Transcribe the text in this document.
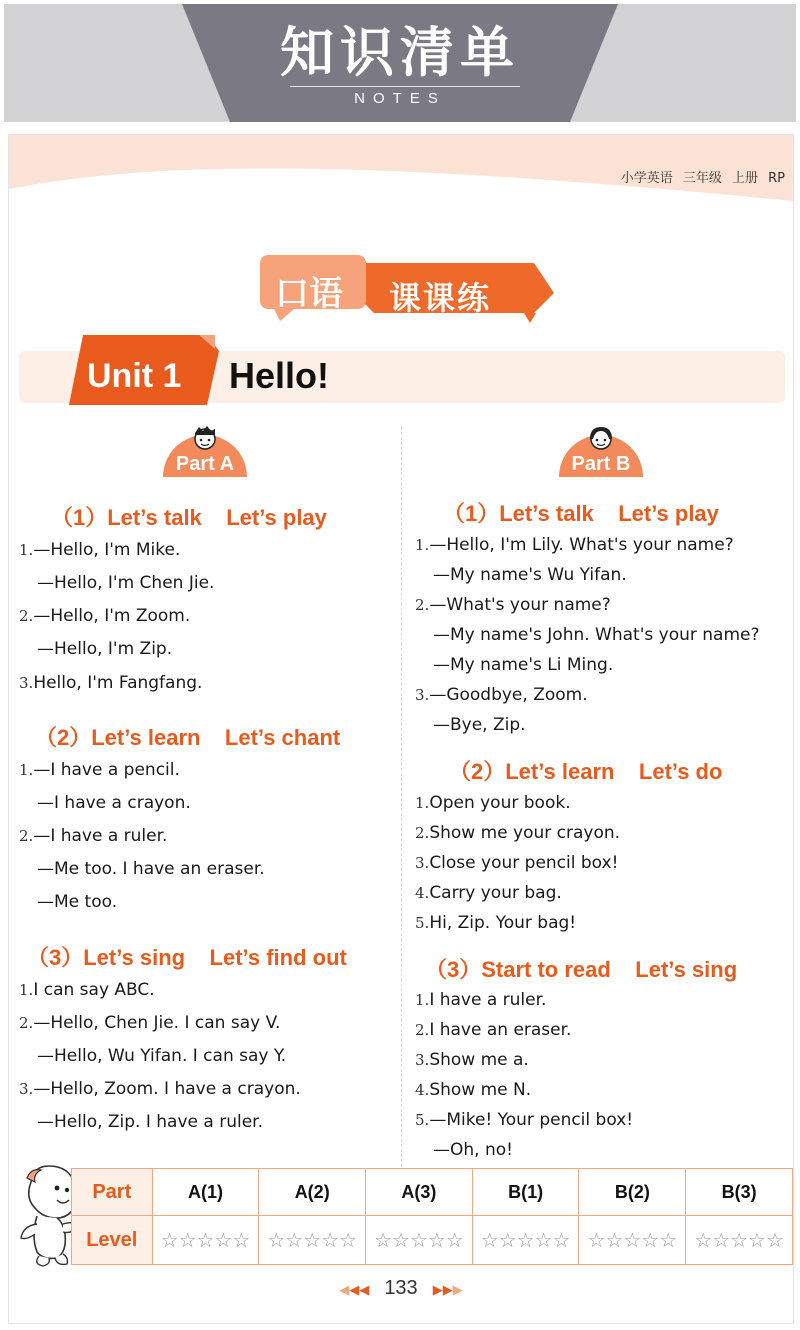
知识清单
NOTES
小学英语 三年级 上册 RP
口语 课课练
Unit 1 Hello!
Part A	Part B
（1）Let’s talk    Let’s play
1.—Hello, I'm Mike.
—Hello, I'm Chen Jie.
2.—Hello, I'm Zoom.
—Hello, I'm Zip.
3.Hello, I'm Fangfang.
（2）Let’s learn    Let’s chant
1.—I have a pencil.
—I have a crayon.
2.—I have a ruler.
—Me too. I have an eraser.
—Me too.
（3）Let’s sing    Let’s find out
1.I can say ABC.
2.—Hello, Chen Jie. I can say V.
—Hello, Wu Yifan. I can say Y.
3.—Hello, Zoom. I have a crayon.
—Hello, Zip. I have a ruler.
（1）Let’s talk    Let’s play
1.—Hello, I'm Lily. What's your name?
—My name's Wu Yifan.
2.—What's your name?
—My name's John. What's your name?
—My name's Li Ming.
3.—Goodbye, Zoom.
—Bye, Zip.
（2）Let’s learn    Let’s do
1.Open your book.
2.Show me your crayon.
3.Close your pencil box!
4.Carry your bag.
5.Hi, Zip. Your bag!
（3）Start to read    Let’s sing
1.I have a ruler.
2.I have an eraser.
3.Show me a.
4.Show me N.
5.—Mike! Your pencil box!
—Oh, no!
Part	A(1)	A(2)	A(3)	B(1)	B(2)	B(3)
Level	☆☆☆☆☆	☆☆☆☆☆	☆☆☆☆☆	☆☆☆☆☆	☆☆☆☆☆	☆☆☆☆☆
◀◀◀ 133 ▶▶▶
